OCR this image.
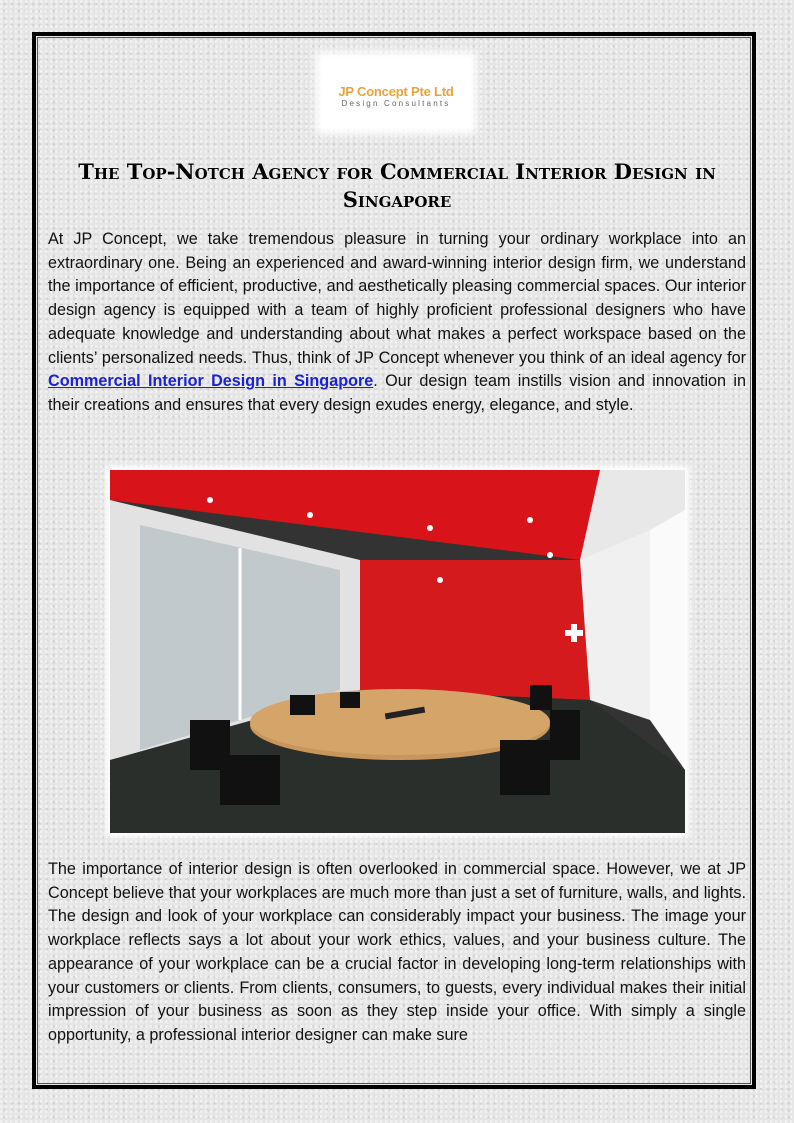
JP Concept Pte Ltd
Design Consultants
The Top-Notch Agency for Commercial Interior Design in Singapore
At JP Concept, we take tremendous pleasure in turning your ordinary workplace into an extraordinary one. Being an experienced and award-winning interior design firm, we understand the importance of efficient, productive, and aesthetically pleasing commercial spaces. Our interior design agency is equipped with a team of highly proficient professional designers who have adequate knowledge and understanding about what makes a perfect workspace based on the clients’ personalized needs. Thus, think of JP Concept whenever you think of an ideal agency for Commercial Interior Design in Singapore. Our design team instills vision and innovation in their creations and ensures that every design exudes energy, elegance, and style.
The importance of interior design is often overlooked in commercial space. However, we at JP Concept believe that your workplaces are much more than just a set of furniture, walls, and lights. The design and look of your workplace can considerably impact your business. The image your workplace reflects says a lot about your work ethics, values, and your business culture. The appearance of your workplace can be a crucial factor in developing long-term relationships with your customers or clients. From clients, consumers, to guests, every individual makes their initial impression of your business as soon as they step inside your office. With simply a single opportunity, a professional interior designer can make sure
